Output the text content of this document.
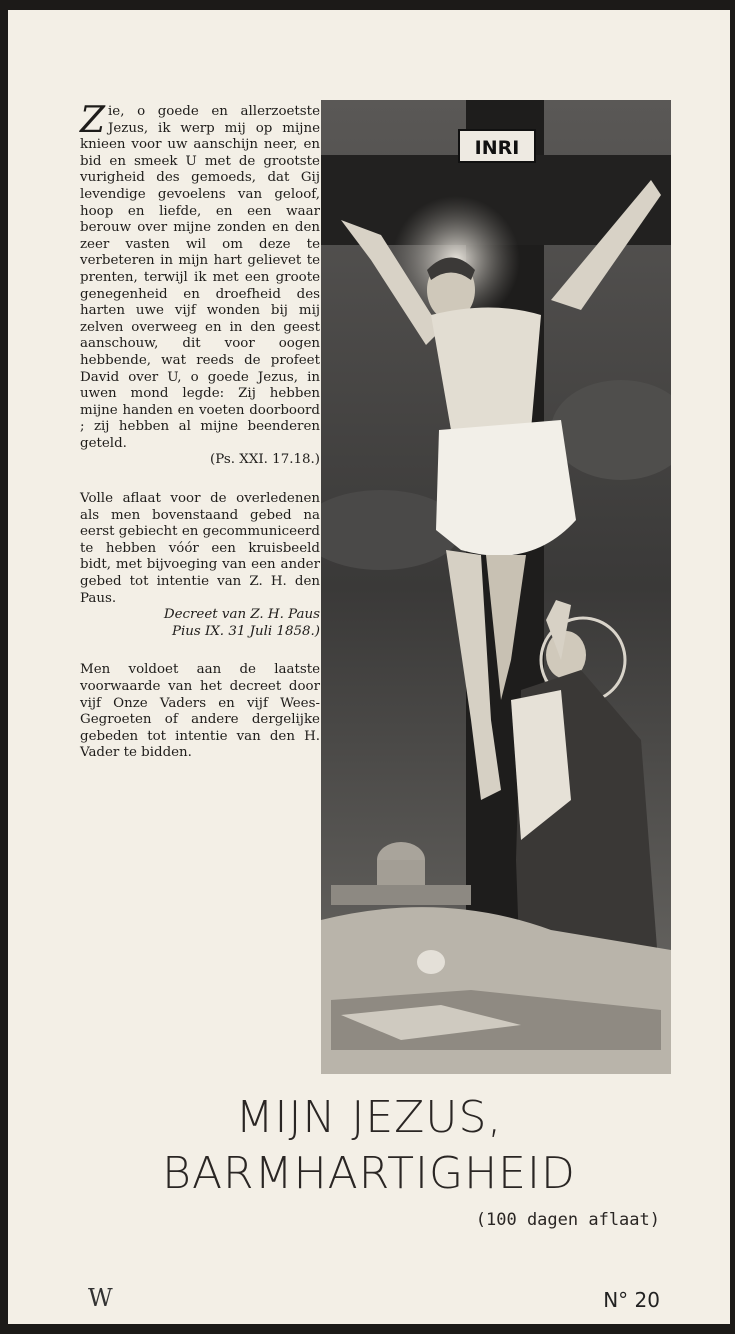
Zie, o goede en allerzoetste Jezus, ik werp mij op mijne knieen voor uw aanschijn neer, en bid en smeek U met de grootste vurigheid des gemoeds, dat Gij levendige gevoelens van geloof, hoop en liefde, en een waar berouw over mijne zonden en den zeer vasten wil om deze te verbeteren in mijn hart gelievet te prenten, terwijl ik met een groote genegenheid en droefheid des harten uwe vijf wonden bij mij zelven overweeg en in den geest aanschouw, dit voor oogen hebbende, wat reeds de profeet David over U, o goede Jezus, in uwen mond legde: Zij hebben mijne handen en voeten doorboord ; zij hebben al mijne beenderen geteld.

(Ps. XXI. 17.18.)

Volle aflaat voor de overledenen als men bovenstaand gebed na eerst gebiecht en gecommuniceerd te hebben vóór een kruisbeeld bidt, met bijvoeging van een ander gebed tot intentie van Z. H. den Paus.

Decreet van Z. H. Paus
Pius IX. 31 Juli 1858.)

Men voldoet aan de laatste voorwaarde van het decreet door vijf Onze Vaders en vijf Wees-Gegroeten of andere dergelijke gebeden tot intentie van den H. Vader te bidden.

INRI
MIJN JEZUS,
BARMHARTIGHEID
(100 dagen aflaat)
W	N° 20
